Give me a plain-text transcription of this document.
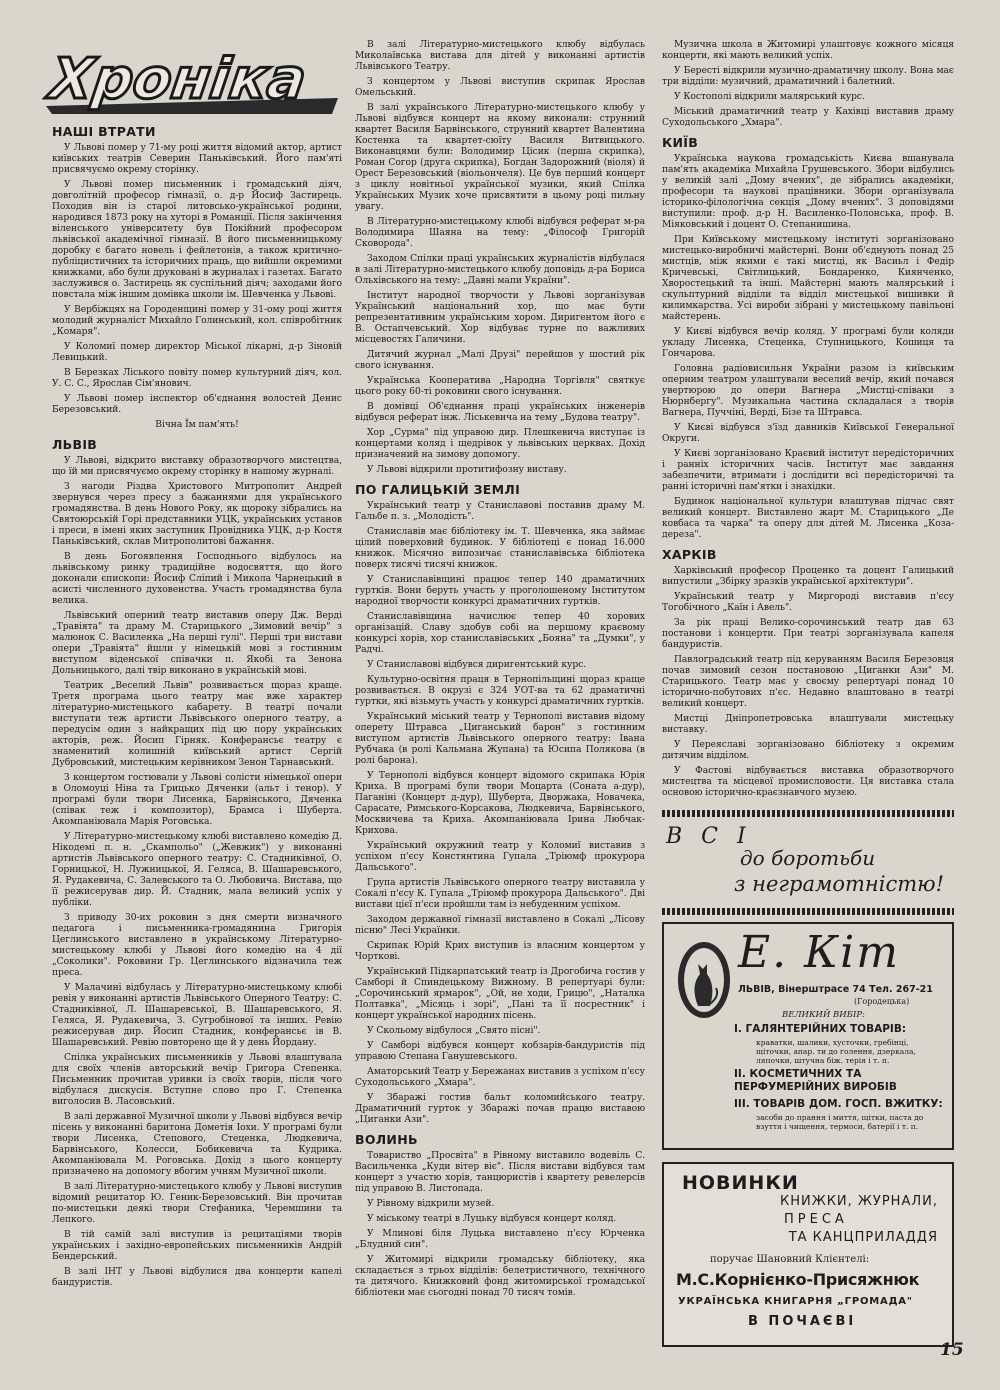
Хроніка
НАШІ ВТРАТИ
У Львові помер у 71-му році життя відомий актор, артист київських театрів Северин Паньківський. Його пам'яті присвячуємо окрему сторінку.
У Львові помер письменник і громадський діяч, довголітній професор гімназії, о. д-р Йосиф Застирець. Походив він із старої литовсько-української родини, народився 1873 року на хуторі в Романції. Після закінчення віленського університету був Покійний професором львівської академічної гімназії. В його письменницькому доробку є багато новель і фейлетонів, а також критично-публіцистичних та історичних праць, що вийшли окремими книжками, або були друковані в журналах і газетах. Багато заслужився о. Застирець як суспільний діяч; заходами його повстала між іншим домівка школи ім. Шевченка у Львові.
У Вербіжцях на Городенщині помер у 31-ому році життя молодий журналіст Михайло Голинський, кол. співробітник „Комаря".
У Коломиї помер директор Міської лікарні, д-р Зіновій Левицький.
В Березках Ліського повіту помер культурний діяч, кол. У. С. С., Ярослав Сім'янович.
У Львові помер інспектор об'єднання волостей Денис Березовський.
Вічна Їм пам'ять!
ЛЬВІВ
У Львові, відкрито виставку образотворчого мистецтва, що їй ми присвячуємо окрему сторінку в нашому журналі.
З нагоди Різдва Христового Митрополит Андрей звернувся через пресу з бажаннями для українського громадянства. В день Нового Року, як щороку зібрались на Святоюрській Горі представники УЦК, українських установ і преси, в імені яких заступник Провідника УЦК, д-р Костя Паньківський, склав Митрополитові бажання.
В день Богоявлення Господнього відбулось на львівському ринку традиційне водосвяття, що його доконали єпископи: Йосиф Сліпий і Микола Чарнецький в асисті численного духовенства. Участь громадянства була велика.
Львівський оперний театр виставив оперу Дж. Верді „Травіята" та драму М. Старицького „Зимовий вечір" з малюнок С. Василенка „На перші гулі". Перші три вистави опери „Травіята" йшли у німецькій мові з гостинним виступом віденської співачки п. Якобі та Зенона Дольницького, далі твір виконано в українській мові.
Театрик „Веселий Львів" розвивається щораз краще. Третя програма цього театру має вже характер літературно-мистецького кабарету. В театрі почали виступати теж артисти Львівського оперного театру, а передусім один з найкращих під цю пору українських акторів, реж. Йосип Гірняк. Конферансьє театру є знаменитий колишній київський артист Сергій Дубровський, мистецьким керівником Зенон Тарнавський.
З концертом гостювали у Львові солісти німецької опери в Оломоуці Ніна та Грицько Дяченки (альт і тенор). У програмі були твори Лисенка, Барвінського, Дяченка (співак теж і композитор), Брамса і Шуберта. Акомпаніювала Марія Роговська.
У Літературно-мистецькому клюбі виставлено комедію Д. Нікодемі п. н. „Скампольо" („Жевжик") у виконанні артистів Львівського оперного театру: С. Стадниківної, О. Горницької, Н. Лужницької, Я. Геляса, В. Шашаревського, Я. Рудакевича, С. Залевського та О. Любовича. Вистава, що її режисерував дир. Й. Стадник, мала великий успіх у публіки.
З приводу 30-их роковин з дня смерти визначного педагога і письменника-громадянина Григорія Цеглинського виставлено в українському Літературно-мистецькому клюбі у Львові його комедію на 4 дії „Соколики". Роковини Гр. Цеглинського відзначила теж преса.
У Малачині відбулась у Літературно-мистецькому клюбі ревія у виконанні артистів Львівського Оперного Театру: С. Стадниківної, Л. Шашаревської, В. Шашаревського, Я. Геляса, Я. Рудакевича, З. Сугробінової та інших. Ревію режисерував дир. Йосип Стадник, конферансьє ів В. Шашаревський. Ревію повторено ще й у день Йордану.
Спілка українських письменників у Львові влаштувала для своїх членів авторський вечір Григора Степенка. Письменник прочитав уривки із своїх творів, після чого відбулася дискусія. Вступне слово про Г. Степенка виголосив В. Ласовський.
В залі державної Музичної школи у Львові відбувся вечір пісень у виконанні баритона Дометія Іохи. У програмі були твори Лисенка, Степового, Стеценка, Людкевича, Барвінського, Колесси, Бобикевича та Кудрика. Акомпаніювала М. Роговська. Дохід з цього концерту призначено на допомогу вбогим учням Музичної школи.
В залі Літературно-мистецького клюбу у Львові виступив відомий рецитатор Ю. Геник-Березовський. Він прочитав по-мистецьки деякі твори Стефаника, Черемшини та Лепкого.
В тій самій залі виступив із рецитаціями творів українських і західно-европейських письменників Андрій Бендерський.
В залі ІНТ у Львові відбулися два концерти капелі бандуристів.
В залі Літературно-мистецького клюбу відбулась Миколаївська вистава для дітей у виконанні артистів Львівського Театру.
З концертом у Львові виступив скрипак Ярослав Омельський.
В залі українського Літературно-мистецького клюбу у Львові відбувся концерт на якому виконали: струнний квартет Василя Барвінського, струнний квартет Валентина Костенка та квартет-сюїту Василя Витвицького. Виконавцями були: Володимир Цісик (перша скрипка), Роман Согор (друга скрипка), Богдан Задорожний (віоля) й Орест Березовський (віольончеля). Це був перший концерт з циклу новітньої української музики, який Спілка Українських Музик хоче присвятити в цьому році пильну увагу.
В Літературно-мистецькому клюбі відбувся реферат м-ра Володимира Шаяна на тему: „Філософ Григорій Сковорода".
Заходом Спілки праці українських журналістів відбулася в залі Літературно-мистецького клюбу доповідь д-ра Бориса Ольхівського на тему: „Давні мапи України".
Інститут народної творчости у Львові зорганізував Український національний хор, що має бути репрезентативним українським хором. Диригентом його є В. Остапчевський. Хор відбуває турне по важливих місцевостях Галичини.
Дитячий журнал „Малі Друзі" перейшов у шостий рік свого існування.
Українська Кооператива „Народна Торгівля" святкує цього року 60-ті роковини свого існування.
В домівці Об'єднання праці українських інженерів відбувся реферат інж. Ліськевича на тему „Будова театру".
Хор „Сурма" під управою дир. Плешкевича виступає із концертами коляд і щедрівок у львівських церквах. Дохід призначений на зимову допомогу.
У Львові відкрили протитифозну виставу.
ПО ГАЛИЦЬКІЙ ЗЕМЛІ
Український театр у Станиславові поставив драму М. Гальбе п. з. „Молодість".
Станиславів має бібліотеку ім. Т. Шевченка, яка займає цілий поверховий будинок. У бібліотеці є понад 16.000 книжок. Місячно випозичає станиславівська бібліотека поверх тисячі тисячі книжок.
У Станиславівщині працює тепер 140 драматичних гуртків. Вони беруть участь у проголошеному Інститутом народної творчости конкурсі драматичних гуртків.
Станиславівщина начислює тепер 40 хорових організацій. Славу здобув собі на першому краєвому конкурсі хорів, хор станиславівських „Бояна" та „Думки", у Радчі.
У Станиславові відбувся диригентський курс.
Культурно-освітня праця в Тернопільщині щораз краще розвивається. В окрузі є 324 УОТ-ва та 62 драматичні гуртки, які візьмуть участь у конкурсі драматичних гуртків.
Український міський театр у Тернополі виставив відому оперету Штравса „Циганський барон" з гостинним виступом артистів Львівського оперного театру: Івана Рубчака (в ролі Кальмана Жупана) та Юсипа Полякова (в ролі барона).
У Тернополі відбувся концерт відомого скрипака Юрія Криха. В програмі були твори Моцарта (Соната а-дур), Паганіні (Концерт д-дур), Шуберта, Дворжака, Новачека, Сарасате, Римського-Корсакова, Людкевича, Барвінського, Москвичева та Криха. Акомпаніювала Ірина Любчак-Крихова.
Український окружний театр у Коломиї виставив з успіхом п'єсу Констянтина Гупала „Тріюмф прокурора Дальського".
Група артистів Львівського оперного театру виставила у Сокалі п'єсу К. Гупала „Тріюмф прокурора Дальського". Дві вистави цієї п'єси пройшли там із небуденним успіхом.
Заходом державної гімназії виставлено в Сокалі „Лісову пісню" Лесі Українки.
Скрипак Юрій Крих виступив із власним концертом у Чорткові.
Український Підкарпатський театр із Дрогобича гостив у Самборі й Спиндецькому Вижному. В репертуарі були: „Сорочинський ярмарок", „Ой, не ходи, Грицю", „Наталка Полтавка", „Місяць і зорі", „Пані та її посрестник" і концерт української народних пісень.
У Скольому відбулося „Свято пісні".
У Самборі відбувся концерт кобзарів-бандуристів під управою Степана Ганушевського.
Аматорський Театр у Бережанах виставив з успіхом п'єсу Суходольського „Хмара".
У Збаражі гостив бальт коломийського театру. Драматичний гурток у Збаражі почав працю виставою „Циганки Ази".
ВОЛИНЬ
Товариство „Просвіта" в Рівному виставило водевіль С. Васильченка „Куди вітер віє". Після вистави відбувся там концерт з участю хорів, танцюристів і квартету ревелерсів під управою В. Листопада.
У Рівному відкрили музей.
У міському театрі в Луцьку відбувся концерт коляд.
У Млинові біля Луцька виставлено п'єсу Юрченка „Блудний син".
У Житомирі відкрили громадську бібліотеку, яка складається з трьох відділів: белетристичного, технічного та дитячого. Книжковий фонд житомирської громадської бібліотеки має сьогодні понад 70 тисяч томів.
Музична школа в Житомирі улаштовує кожного місяця концерти, які мають великий успіх.
У Бересті відкрили музично-драматичну школу. Вона має три відділи: музичний, драматичний і балетний.
У Костополі відкрили малярський курс.
Міський драматичний театр у Кахівці виставив драму Суходольського „Хмара".
КИЇВ
Українська наукова громадськість Києва вшанувала пам'ять академіка Михайла Грушевського. Збори відбулись у великій залі „Дому вчених", де зібрались академіки, професори та наукові працівники. Збори організувала історико-філологічна секція „Дому вчених". З доповідями виступили: проф. д-р Н. Василенко-Полонська, проф. В. Міяковський і доцент О. Степанишина.
При Київському мистецькому інституті зорганізовано мистецько-виробничі майстерні. Вони об'єднують понад 25 мистців, між якими є такі мистці, як Васиьл і Федір Кричевські, Світлицький, Бондаренко, Киянченко, Хворостецький та інші. Майстерні мають малярський і скульптурний відділи та відділ мистецької вишивки й килимкарства. Усі вироби зібрані у мистецькому павільоні майстерень.
У Києві відбувся вечір коляд. У програмі були коляди укладу Лисенка, Стеценка, Ступницького, Кошиця та Гончарова.
Головна радіовисильня України разом із київським оперним театром улаштували веселий вечір, який почався увертюрою до опери Вагнера „Мистці-співаки з Нюрнбергу". Музикальна частина складалася з творів Вагнера, Пуччіні, Верді, Бізе та Штравса.
У Києві відбувся з'їзд давників Київської Генеральної Округи.
У Києві зорганізовано Краєвий інститут передісторичних і ранніх історичних часів. Інститут має завдання забезпечити, втримати і дослідити всі передісторичні та ранні історичні пам'ятки і знахідки.
Будинок національної культури влаштував підчас свят великий концерт. Виставлено жарт М. Старицького „Де ковбаса та чарка" та оперу для дітей М. Лисенка „Коза-дереза".
ХАРКІВ
Харківський професор Проценко та доцент Галицький випустили „Збірку зразків української архітектури".
Український театр у Миргороді виставив п'єсу Тогобічного „Каїн і Авель".
За рік праці Велико-сорочинський театр дав 63 постанови і концерти. При театрі зорганізувала капеля бандуристів.
Павлоградський театр під керуванням Василя Березовця почав зимовий сезон постановою „Циганки Ази" М. Старицького. Театр має у своєму репертуарі понад 10 історично-побутових п'єс. Недавно влаштовано в театрі великий концерт.
Мистці Дніпропетровська влаштували мистецьку виставку.
У Переяславі зорганізовано бібліотеку з окремим дитячим відділом.
У Фастові відбувається виставка образотворчого мистецтва та місцевої промисловости. Ця виставка стала основою історично-краєзнавчого музею.
В С І
до боротьби
з неграмотністю!
Е. Кіт
ЛЬВІВ, Вінерштрасе 74 Тел. 267-21
(Городецька)
ВЕЛИКИЙ ВИБІР:
І. ГАЛЯНТЕРІЙНИХ ТОВАРІВ:
краватки, шалики, хусточки, гребінці, щіточки, апар. ти до голення, дзеркала, ляпочки, штучна біж. терія і т. п.
ІІ. КОСМЕТИЧНИХ ТА ПЕРФУМЕРІЙНИХ ВИРОБІВ
ІІІ. ТОВАРІВ ДОМ. ГОСП. ВЖИТКУ:
засоби до прання і миття, щітки, паста до взуття і чищення, термоси, батерії і т. п.
НОВИНКИ
КНИЖКИ, ЖУРНАЛИ,
ПРЕСА
ТА КАНЦПРИЛАДДЯ
поручає Шановний Клієнтелі:
М.С.Корнієнко-Присяжнюк
УКРАЇНСЬКА КНИГАРНЯ „ГРОМАДА"
В ПОЧАЄВІ
15
